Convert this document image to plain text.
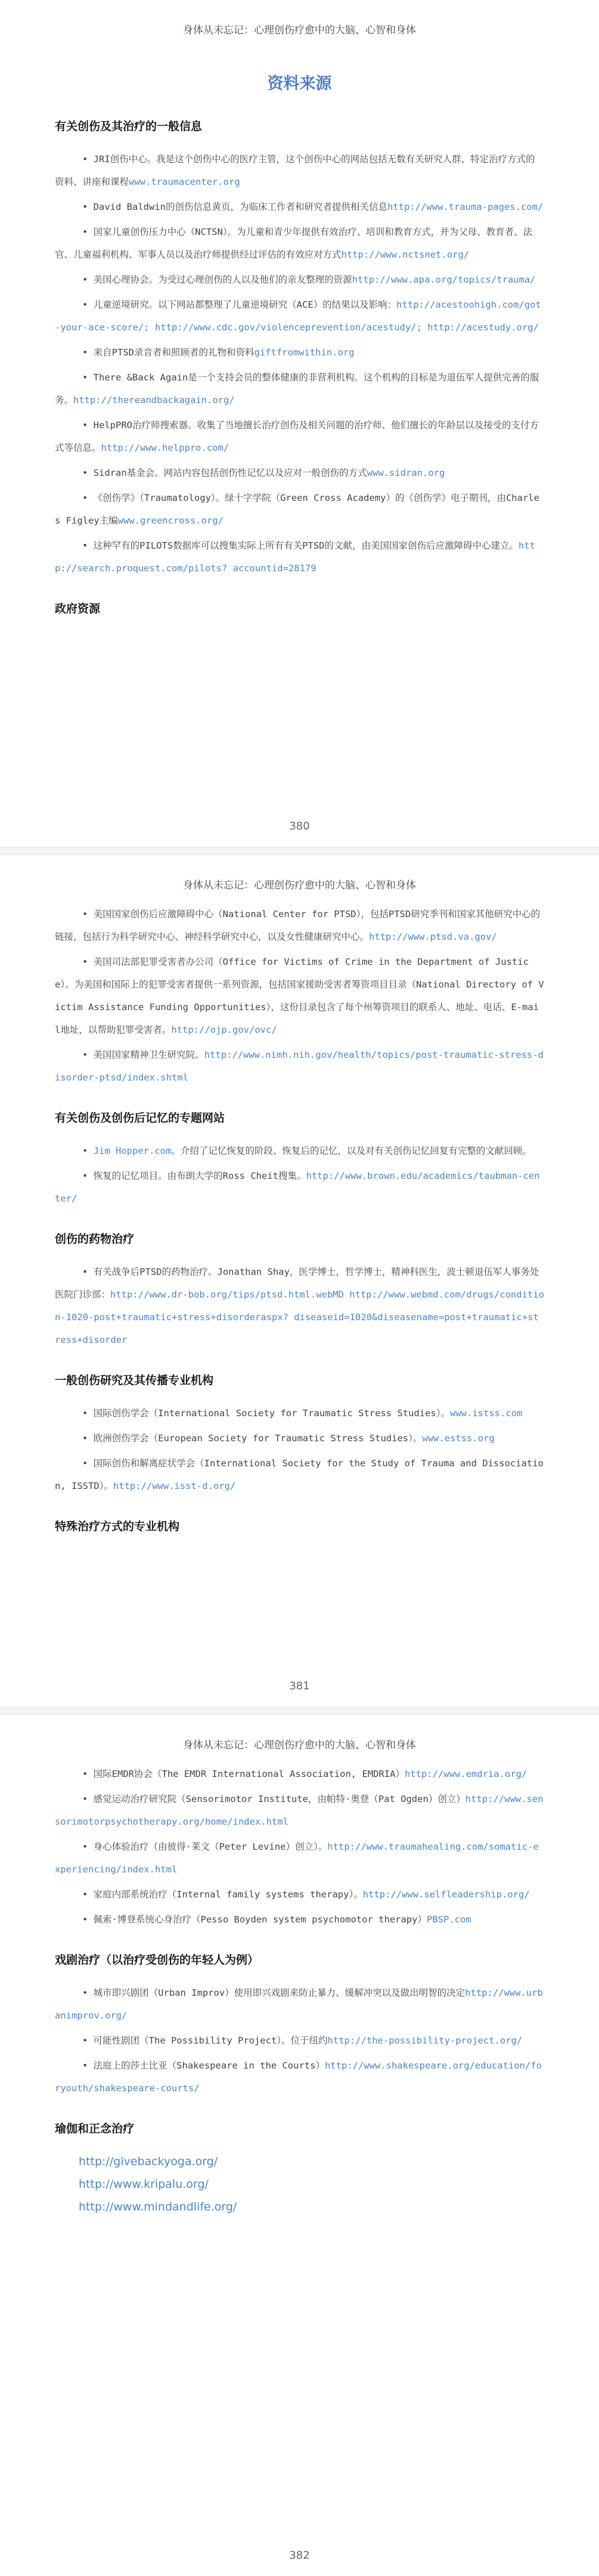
身体从未忘记：心理创伤疗愈中的大脑、心智和身体
资料来源
有关创伤及其治疗的一般信息

• JRI创伤中心。我是这个创伤中心的医疗主管，这个创伤中心的网站包括无数有关研究人群、特定治疗方式的资料、讲座和课程www.traumacenter.org

• David Baldwin的创伤信息黄页，为临床工作者和研究者提供相关信息http://www.trauma-pages.com/

• 国家儿童创伤压力中心（NCTSN）。为儿童和青少年提供有效治疗、培训和教育方式，并为父母、教育者、法官、儿童福利机构、军事人员以及治疗师提供经过评估的有效应对方式http://www.nctsnet.org/

• 美国心理协会。为受过心理创伤的人以及他们的亲友整理的资源http://www.apa.org/topics/trauma/

• 儿童逆境研究。以下网站都整理了儿童逆境研究（ACE）的结果以及影响：http://acestoohigh.com/got-your-ace-score/; http://www.cdc.gov/violenceprevention/acestudy/; http://acestudy.org/

• 来自PTSD录音者和照顾者的礼物和资料giftfromwithin.org

• There &Back Again是一个支持会员的整体健康的非营利机构。这个机构的目标是为退伍军人提供完善的服务。http://thereandbackagain.org/

• HelpPRO治疗师搜索器。收集了当地擅长治疗创伤及相关问题的治疗师、他们擅长的年龄层以及接受的支付方式等信息。http://www.helppro.com/

• Sidran基金会。网站内容包括创伤性记忆以及应对一般创伤的方式www.sidran.org

• 《创伤学》（Traumatology）。绿十字学院（Green Cross Academy）的《创伤学》电子期刊，由Charles Figley主编www.greencross.org/

• 这种罕有的PILOTS数据库可以搜集实际上所有有关PTSD的文献，由美国国家创伤后应激障碍中心建立。http://search.proquest.com/pilots? accountid=28179

政府资源
380
身体从未忘记：心理创伤疗愈中的大脑、心智和身体

• 美国国家创伤后应激障碍中心（National Center for PTSD），包括PTSD研究季刊和国家其他研究中心的链接，包括行为科学研究中心、神经科学研究中心，以及女性健康研究中心。http://www.ptsd.va.gov/

• 美国司法部犯罪受害者办公司（Office for Victims of Crime in the Department of Justice）。为美国和国际上的犯罪受害者提供一系列资源，包括国家援助受害者筹资项目目录（National Directory of Victim Assistance Funding Opportunities），这份目录包含了每个州筹资项目的联系人、地址、电话、E-mail地址，以帮助犯罪受害者。http://ojp.gov/ovc/

• 美国国家精神卫生研究院。http://www.nimh.nih.gov/health/topics/post-traumatic-stress-disorder-ptsd/index.shtml

有关创伤及创伤后记忆的专题网站

• Jim Hopper.com。介绍了记忆恢复的阶段、恢复后的记忆，以及对有关创伤记忆回复有完整的文献回顾。

• 恢复的记忆项目。由布朗大学的Ross Cheit搜集。http://www.brown.edu/academics/taubman-center/

创伤的药物治疗

• 有关战争后PTSD的药物治疗。Jonathan Shay，医学博士，哲学博士，精神科医生，波士顿退伍军人事务处医院门诊部：http://www.dr-bob.org/tips/ptsd.html.webMD http://www.webmd.com/drugs/condition-1020-post+traumatic+stress+disorderaspx? diseaseid=1020&diseasename=post+traumatic+stress+disorder

一般创伤研究及其传播专业机构

• 国际创伤学会（International Society for Traumatic Stress Studies）。www.istss.com

• 欧洲创伤学会（European Society for Traumatic Stress Studies）。www.estss.org

• 国际创伤和解离症状学会（International Society for the Study of Trauma and Dissociation, ISSTD）。http://www.isst-d.org/

特殊治疗方式的专业机构
381
身体从未忘记：心理创伤疗愈中的大脑、心智和身体

• 国际EMDR协会（The EMDR International Association, EMDRIA）http://www.emdria.org/

• 感觉运动治疗研究院（Sensorimotor Institute，由帕特·奥登（Pat Ogden）创立）http://www.sensorimotorpsychotherapy.org/home/index.html

• 身心体验治疗（由彼得·莱文（Peter Levine）创立）。http://www.traumahealing.com/somatic-experiencing/index.html

• 家庭内部系统治疗（Internal family systems therapy）。http://www.selfleadership.org/

• 佩索·博登系统心身治疗（Pesso Boyden system psychomotor therapy）PBSP.com

戏剧治疗（以治疗受创伤的年轻人为例）

• 城市即兴剧团（Urban Improv）使用即兴戏剧来防止暴力、缓解冲突以及做出明智的决定http://www.urbanimprov.org/

• 可能性剧团（The Possibility Project）。位于纽约http://the-possibility-project.org/

• 法庭上的莎士比亚（Shakespeare in the Courts）http://www.shakespeare.org/education/foryouth/shakespeare-courts/

瑜伽和正念治疗
http://givebackyoga.org/
http://www.kripalu.org/
http://www.mindandlife.org/
382
